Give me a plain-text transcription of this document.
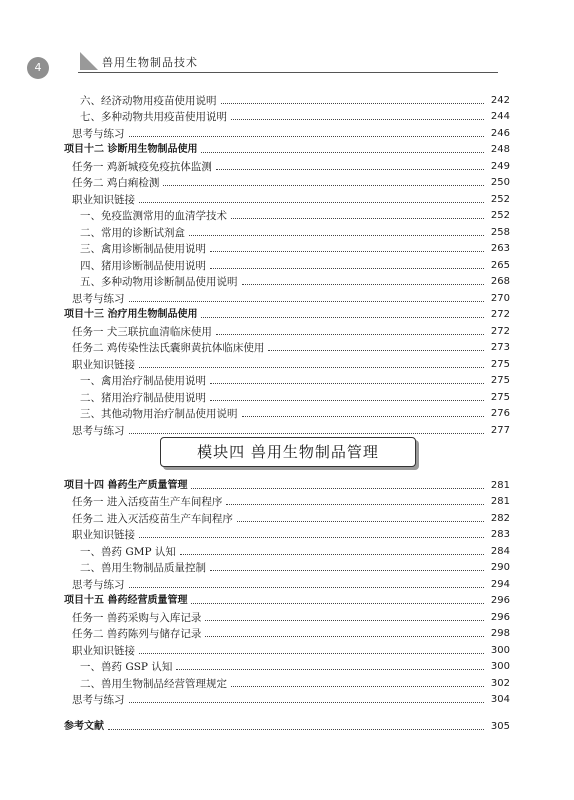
4	兽用生物制品技术
六、经济动物用疫苗使用说明	242
七、多种动物共用疫苗使用说明	244
思考与练习	246
项目十二 诊断用生物制品使用	248
任务一 鸡新城疫免疫抗体监测	249
任务二 鸡白痢检测	250
职业知识链接	252
一、免疫监测常用的血清学技术	252
二、常用的诊断试剂盒	258
三、禽用诊断制品使用说明	263
四、猪用诊断制品使用说明	265
五、多种动物用诊断制品使用说明	268
思考与练习	270
项目十三 治疗用生物制品使用	272
任务一 犬三联抗血清临床使用	272
任务二 鸡传染性法氏囊卵黄抗体临床使用	273
职业知识链接	275
一、禽用治疗制品使用说明	275
二、猪用治疗制品使用说明	275
三、其他动物用治疗制品使用说明	276
思考与练习	277
模块四 兽用生物制品管理
项目十四 兽药生产质量管理	281
任务一 进入活疫苗生产车间程序	281
任务二 进入灭活疫苗生产车间程序	282
职业知识链接	283
一、兽药 GMP 认知	284
二、兽用生物制品质量控制	290
思考与练习	294
项目十五 兽药经营质量管理	296
任务一 兽药采购与入库记录	296
任务二 兽药陈列与储存记录	298
职业知识链接	300
一、兽药 GSP 认知	300
二、兽用生物制品经营管理规定	302
思考与练习	304
参考文献	305
